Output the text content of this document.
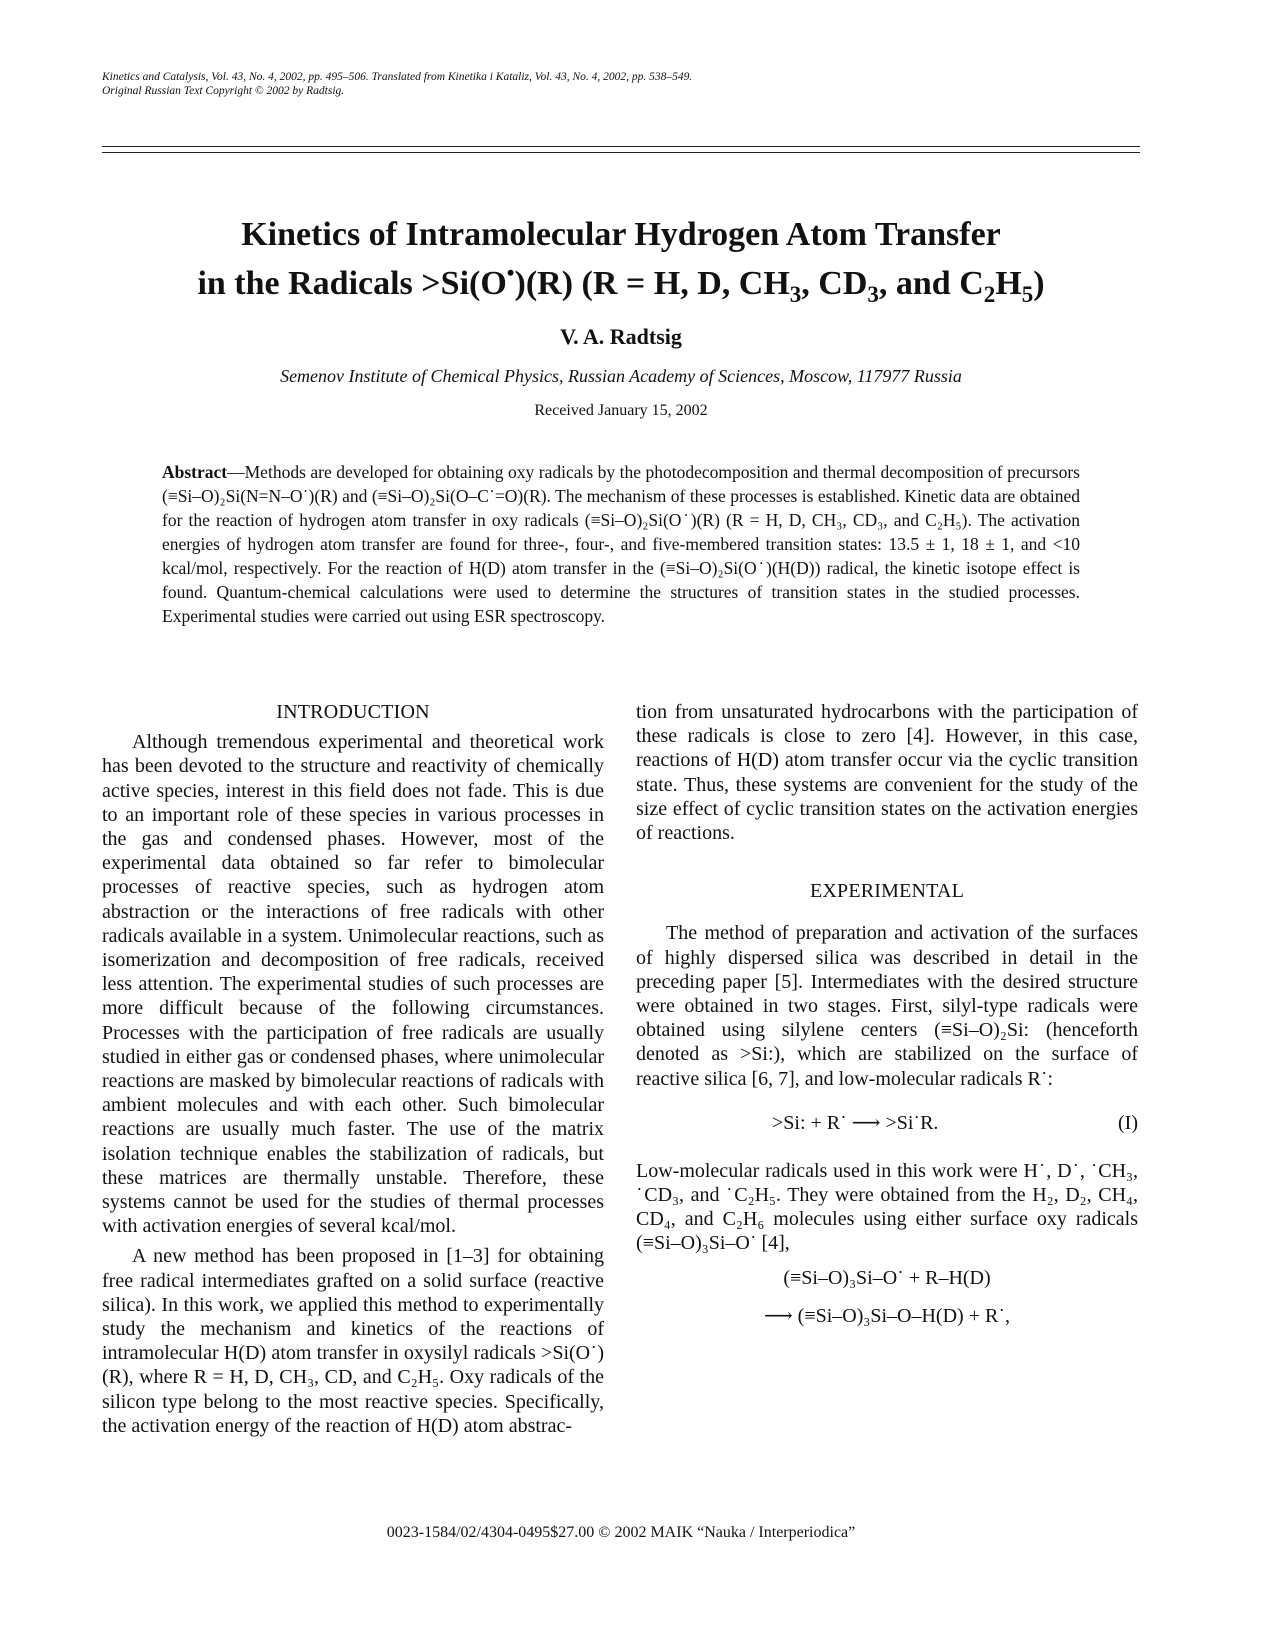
Kinetics and Catalysis, Vol. 43, No. 4, 2002, pp. 495–506. Translated from Kinetika i Kataliz, Vol. 43, No. 4, 2002, pp. 538–549.
Original Russian Text Copyright © 2002 by Radtsig.
Kinetics of Intramolecular Hydrogen Atom Transfer
in the Radicals >Si(O•)(R) (R = H, D, $CH_3$, $CD_3$, and $C_2H_5$)
V. A. Radtsig
Semenov Institute of Chemical Physics, Russian Academy of Sciences, Moscow, 117977 Russia
Received January 15, 2002
Abstract—Methods are developed for obtaining oxy radicals by the photodecomposition and thermal decomposition of precursors (≡Si–O)₂Si(N=N–O˙)(R) and (≡Si–O)₂Si(O–C˙=O)(R). The mechanism of these processes is established. Kinetic data are obtained for the reaction of hydrogen atom transfer in oxy radicals (≡Si–O)₂Si(O˙)(R) (R = H, D, CH₃, CD₃, and C₂H₅). The activation energies of hydrogen atom transfer are found for three-, four-, and five-membered transition states: 13.5 ± 1, 18 ± 1, and <10 kcal/mol, respectively. For the reaction of H(D) atom transfer in the (≡Si–O)₂Si(O˙)(H(D)) radical, the kinetic isotope effect is found. Quantum-chemical calculations were used to determine the structures of transition states in the studied processes. Experimental studies were carried out using ESR spectroscopy.
INTRODUCTION

Although tremendous experimental and theoretical work has been devoted to the structure and reactivity of chemically active species, interest in this field does not fade. This is due to an important role of these species in various processes in the gas and condensed phases. However, most of the experimental data obtained so far refer to bimolecular processes of reactive species, such as hydrogen atom abstraction or the interactions of free radicals with other radicals available in a system. Unimolecular reactions, such as isomerization and decomposition of free radicals, received less attention. The experimental studies of such processes are more difficult because of the following circumstances. Processes with the participation of free radicals are usually studied in either gas or condensed phases, where unimolecular reactions are masked by bimolecular reactions of radicals with ambient molecules and with each other. Such bimolecular reactions are usually much faster. The use of the matrix isolation technique enables the stabilization of radicals, but these matrices are thermally unstable. Therefore, these systems cannot be used for the studies of thermal processes with activation energies of several kcal/mol.

A new method has been proposed in [1–3] for obtaining free radical intermediates grafted on a solid surface (reactive silica). In this work, we applied this method to experimentally study the mechanism and kinetics of the reactions of intramolecular H(D) atom transfer in oxysilyl radicals >Si(O˙)(R), where R = H, D, CH₃, CD, and C₂H₅. Oxy radicals of the silicon type belong to the most reactive species. Specifically, the activation energy of the reaction of H(D) atom abstrac-

tion from unsaturated hydrocarbons with the participation of these radicals is close to zero [4]. However, in this case, reactions of H(D) atom transfer occur via the cyclic transition state. Thus, these systems are convenient for the study of the size effect of cyclic transition states on the activation energies of reactions.

EXPERIMENTAL

The method of preparation and activation of the surfaces of highly dispersed silica was described in detail in the preceding paper [5]. Intermediates with the desired structure were obtained in two stages. First, silyl-type radicals were obtained using silylene centers (≡Si–O)₂Si: (henceforth denoted as >Si:), which are stabilized on the surface of reactive silica [6, 7], and low-molecular radicals R˙:

>Si: + R˙ ⟶ >Si˙R.	(I)

Low-molecular radicals used in this work were H˙, D˙, ˙CH₃, ˙CD₃, and ˙C₂H₅. They were obtained from the H₂, D₂, CH₄, CD₄, and C₂H₆ molecules using either surface oxy radicals (≡Si–O)₃Si–O˙ [4],

(≡Si–O)₃Si–O˙ + R–H(D)
⟶ (≡Si–O)₃Si–O–H(D) + R˙,
0023-1584/02/4304-0495$27.00 © 2002 MAIK “Nauka / Interperiodica”
